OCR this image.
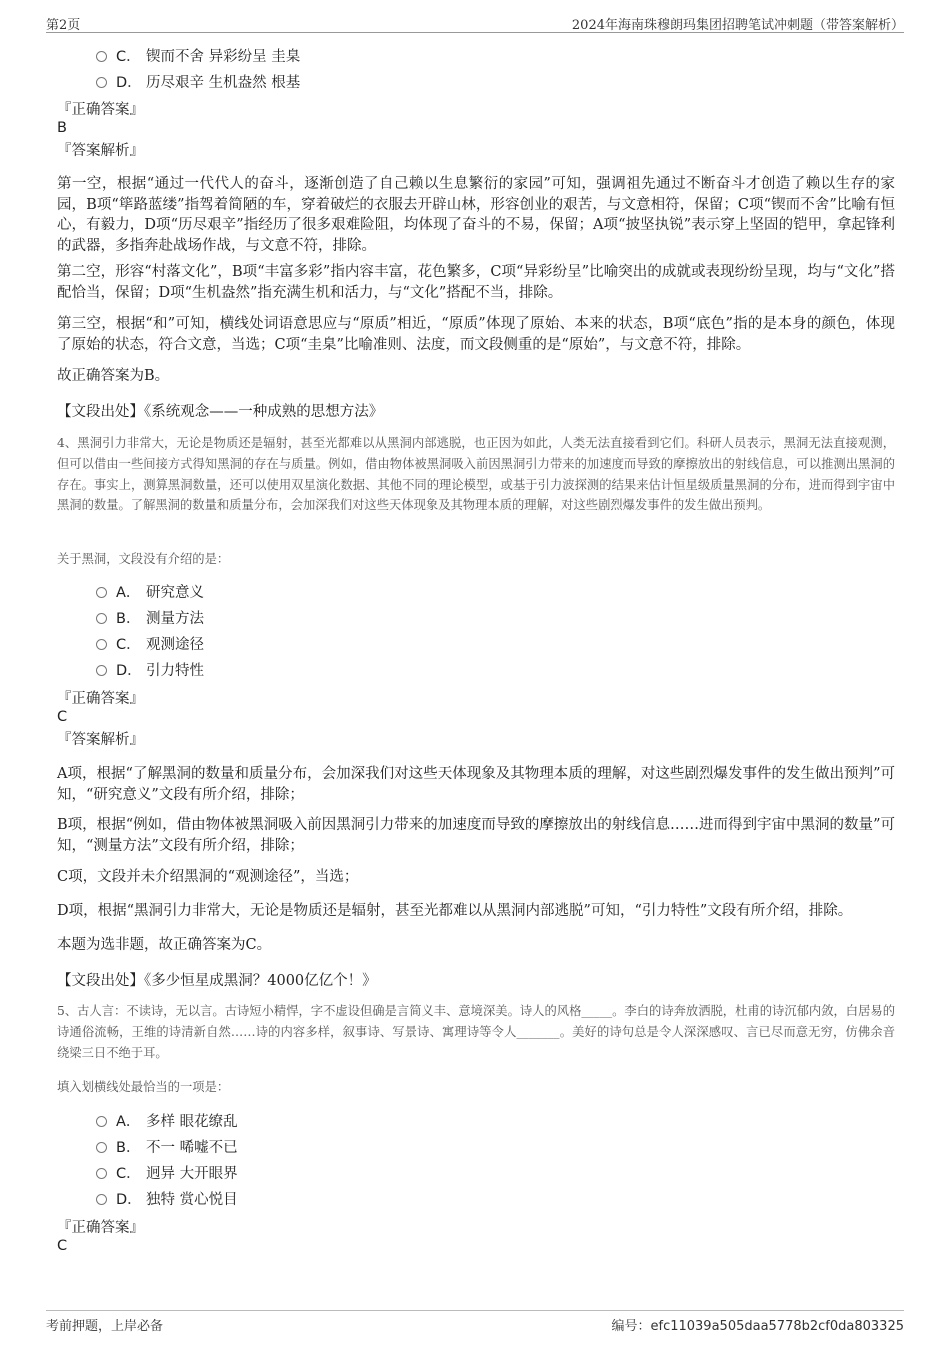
第2页	2024年海南珠穆朗玛集团招聘笔试冲刺题（带答案解析）
C． 锲而不舍 异彩纷呈 圭臬
D． 历尽艰辛 生机盎然 根基
『正确答案』
B
『答案解析』
第一空，根据“通过一代代人的奋斗，逐渐创造了自己赖以生息繁衍的家园”可知，强调祖先通过不断奋斗才创造了赖以生存的家园，B项“筚路蓝缕”指驾着简陋的车，穿着破烂的衣服去开辟山林，形容创业的艰苦，与文意相符，保留；C项“锲而不舍”比喻有恒心，有毅力，D项“历尽艰辛”指经历了很多艰难险阻，均体现了奋斗的不易，保留；A项“披坚执锐”表示穿上坚固的铠甲，拿起锋利的武器，多指奔赴战场作战，与文意不符，排除。
第二空，形容“村落文化”，B项“丰富多彩”指内容丰富，花色繁多，C项“异彩纷呈”比喻突出的成就或表现纷纷呈现，均与“文化”搭配恰当，保留；D项“生机盎然”指充满生机和活力，与“文化”搭配不当，排除。
第三空，根据“和”可知，横线处词语意思应与“原质”相近，“原质”体现了原始、本来的状态，B项“底色”指的是本身的颜色，体现了原始的状态，符合文意，当选；C项“圭臬”比喻准则、法度，而文段侧重的是“原始”，与文意不符，排除。
故正确答案为B。
【文段出处】《系统观念——一种成熟的思想方法》
4、黑洞引力非常大，无论是物质还是辐射，甚至光都难以从黑洞内部逃脱，也正因为如此，人类无法直接看到它们。科研人员表示，黑洞无法直接观测，但可以借由一些间接方式得知黑洞的存在与质量。例如，借由物体被黑洞吸入前因黑洞引力带来的加速度而导致的摩擦放出的射线信息，可以推测出黑洞的存在。事实上，测算黑洞数量，还可以使用双星演化数据、其他不同的理论模型，或基于引力波探测的结果来估计恒星级质量黑洞的分布，进而得到宇宙中黑洞的数量。了解黑洞的数量和质量分布，会加深我们对这些天体现象及其物理本质的理解，对这些剧烈爆发事件的发生做出预判。
关于黑洞，文段没有介绍的是：
A． 研究意义
B． 测量方法
C． 观测途径
D． 引力特性
『正确答案』
C
『答案解析』
A项，根据“了解黑洞的数量和质量分布，会加深我们对这些天体现象及其物理本质的理解，对这些剧烈爆发事件的发生做出预判”可知，“研究意义”文段有所介绍，排除；
B项，根据“例如，借由物体被黑洞吸入前因黑洞引力带来的加速度而导致的摩擦放出的射线信息……进而得到宇宙中黑洞的数量”可知，“测量方法”文段有所介绍，排除；
C项，文段并未介绍黑洞的“观测途径”，当选；
D项，根据“黑洞引力非常大，无论是物质还是辐射，甚至光都难以从黑洞内部逃脱”可知，“引力特性”文段有所介绍，排除。
本题为选非题，故正确答案为C。
【文段出处】《多少恒星成黑洞？4000亿亿个！》
5、古人言：不读诗，无以言。古诗短小精悍，字不虚设但确是言简义丰、意境深美。诗人的风格_____。李白的诗奔放洒脱，杜甫的诗沉郁内敛，白居易的诗通俗流畅，王维的诗清新自然……诗的内容多样，叙事诗、写景诗、寓理诗等令人_______。美好的诗句总是令人深深感叹、言已尽而意无穷，仿佛余音绕梁三日不绝于耳。
填入划横线处最恰当的一项是：
A． 多样 眼花缭乱
B． 不一 唏嘘不已
C． 迥异 大开眼界
D． 独特 赏心悦目
『正确答案』
C
考前押题，上岸必备	编号：efc11039a505daa5778b2cf0da803325
